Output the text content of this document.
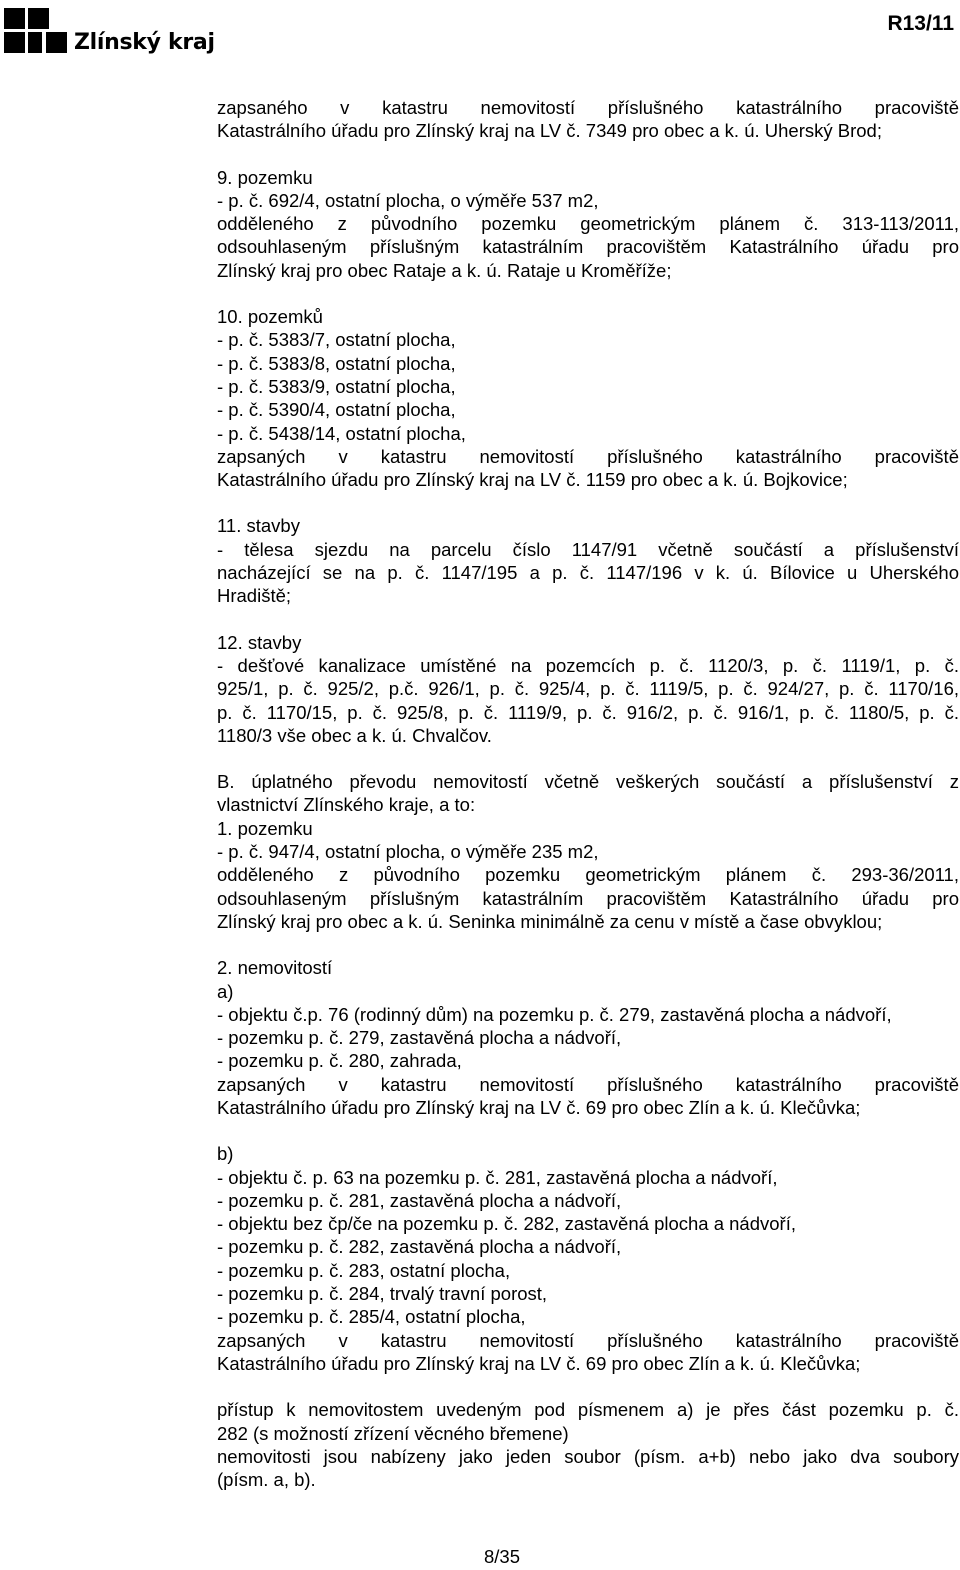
Zlínský kraj
R13/11
zapsaného v katastru nemovitostí příslušného katastrálního pracoviště
Katastrálního úřadu pro Zlínský kraj na LV č. 7349 pro obec a k. ú. Uherský Brod;
9. pozemku
- p. č. 692/4, ostatní plocha, o výměře 537 m2,
odděleného z původního pozemku geometrickým plánem č. 313-113/2011,
odsouhlaseným příslušným katastrálním pracovištěm Katastrálního úřadu pro
Zlínský kraj pro obec Rataje a k. ú. Rataje u Kroměříže;
10. pozemků
- p. č. 5383/7, ostatní plocha,
- p. č. 5383/8, ostatní plocha,
- p. č. 5383/9, ostatní plocha,
- p. č. 5390/4, ostatní plocha,
- p. č. 5438/14, ostatní plocha,
zapsaných v katastru nemovitostí příslušného katastrálního pracoviště
Katastrálního úřadu pro Zlínský kraj na LV č. 1159 pro obec a k. ú. Bojkovice;
11. stavby
- tělesa sjezdu na parcelu číslo 1147/91 včetně součástí a příslušenství
nacházející se na p. č. 1147/195 a p. č. 1147/196 v k. ú. Bílovice u Uherského
Hradiště;
12. stavby
- dešťové kanalizace umístěné na pozemcích p. č. 1120/3, p. č. 1119/1, p. č.
925/1, p. č. 925/2, p.č. 926/1, p. č. 925/4, p. č. 1119/5, p. č. 924/27, p. č. 1170/16,
p. č. 1170/15, p. č. 925/8, p. č. 1119/9, p. č. 916/2, p. č. 916/1, p. č. 1180/5, p. č.
1180/3 vše obec a k. ú. Chvalčov.
B. úplatného převodu nemovitostí včetně veškerých součástí a příslušenství z
vlastnictví Zlínského kraje, a to:
1. pozemku
- p. č. 947/4, ostatní plocha, o výměře 235 m2,
odděleného z původního pozemku geometrickým plánem č. 293-36/2011,
odsouhlaseným příslušným katastrálním pracovištěm Katastrálního úřadu pro
Zlínský kraj pro obec a k. ú. Seninka minimálně za cenu v místě a čase obvyklou;
2. nemovitostí
a)
- objektu č.p. 76 (rodinný dům) na pozemku p. č. 279, zastavěná plocha a nádvoří,
- pozemku p. č. 279, zastavěná plocha a nádvoří,
- pozemku p. č. 280, zahrada,
zapsaných v katastru nemovitostí příslušného katastrálního pracoviště
Katastrálního úřadu pro Zlínský kraj na LV č. 69 pro obec Zlín a k. ú. Klečůvka;
b)
- objektu č. p. 63 na pozemku p. č. 281, zastavěná plocha a nádvoří,
- pozemku p. č. 281, zastavěná plocha a nádvoří,
- objektu bez čp/če na pozemku p. č. 282, zastavěná plocha a nádvoří,
- pozemku p. č. 282, zastavěná plocha a nádvoří,
- pozemku p. č. 283, ostatní plocha,
- pozemku p. č. 284, trvalý travní porost,
- pozemku p. č. 285/4, ostatní plocha,
zapsaných v katastru nemovitostí příslušného katastrálního pracoviště
Katastrálního úřadu pro Zlínský kraj na LV č. 69 pro obec Zlín a k. ú. Klečůvka;
přístup k nemovitostem uvedeným pod písmenem a) je přes část pozemku p. č.
282 (s možností zřízení věcného břemene)
nemovitosti jsou nabízeny jako jeden soubor (písm. a+b) nebo jako dva soubory
(písm. a, b).
8/35
